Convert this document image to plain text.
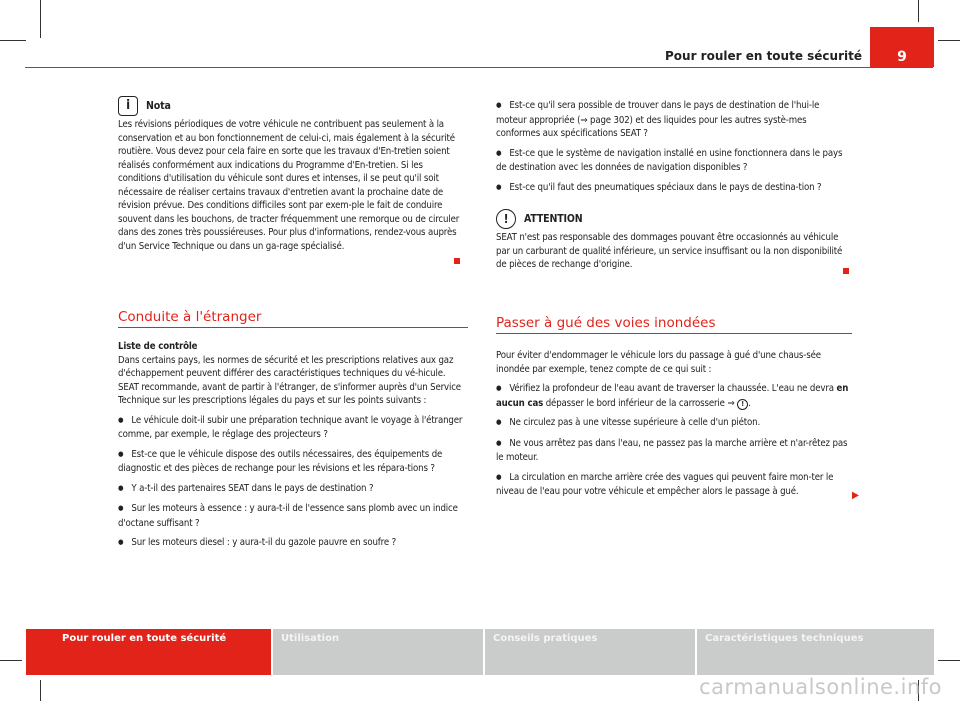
Pour rouler en toute sécurité	9
i Nota

Les révisions périodiques de votre véhicule ne contribuent pas seulement à la conservation et au bon fonctionnement de celui-ci, mais également à la sécurité routière. Vous devez pour cela faire en sorte que les travaux d'En-tretien soient réalisés conformément aux indications du Programme d'En-tretien. Si les conditions d'utilisation du véhicule sont dures et intenses, il se peut qu'il soit nécessaire de réaliser certains travaux d'entretien avant la prochaine date de révision prévue. Des conditions difficiles sont par exem-ple le fait de conduire souvent dans les bouchons, de tracter fréquemment une remorque ou de circuler dans des zones très poussiéreuses. Pour plus d'informations, rendez-vous auprès d'un Service Technique ou dans un ga-rage spécialisé.

Conduite à l'étranger

Liste de contrôle

Dans certains pays, les normes de sécurité et les prescriptions relatives aux gaz d'échappement peuvent différer des caractéristiques techniques du vé-hicule. SEAT recommande, avant de partir à l'étranger, de s'informer auprès d'un Service Technique sur les prescriptions légales du pays et sur les points suivants :

● Le véhicule doit-il subir une préparation technique avant le voyage à l'étranger comme, par exemple, le réglage des projecteurs ?

● Est-ce que le véhicule dispose des outils nécessaires, des équipements de diagnostic et des pièces de rechange pour les révisions et les répara-tions ?

● Y a-t-il des partenaires SEAT dans le pays de destination ?

● Sur les moteurs à essence : y aura-t-il de l'essence sans plomb avec un indice d'octane suffisant ?

● Sur les moteurs diesel : y aura-t-il du gazole pauvre en soufre ?

● Est-ce qu'il sera possible de trouver dans le pays de destination de l'hui-le moteur appropriée (⇒ page 302) et des liquides pour les autres systè-mes conformes aux spécifications SEAT ?

● Est-ce que le système de navigation installé en usine fonctionnera dans le pays de destination avec les données de navigation disponibles ?

● Est-ce qu'il faut des pneumatiques spéciaux dans le pays de destina-tion ?

! ATTENTION

SEAT n'est pas responsable des dommages pouvant être occasionnés au véhicule par un carburant de qualité inférieure, un service insuffisant ou la non disponibilité de pièces de rechange d'origine.

Passer à gué des voies inondées

Pour éviter d'endommager le véhicule lors du passage à gué d'une chaus-sée inondée par exemple, tenez compte de ce qui suit :

● Vérifiez la profondeur de l'eau avant de traverser la chaussée. L'eau ne devra en aucun cas dépasser le bord inférieur de la carrosserie ⇒ ! .

● Ne circulez pas à une vitesse supérieure à celle d'un piéton.

● Ne vous arrêtez pas dans l'eau, ne passez pas la marche arrière et n'ar-rêtez pas le moteur.

● La circulation en marche arrière crée des vagues qui peuvent faire mon-ter le niveau de l'eau pour votre véhicule et empêcher alors le passage à gué.	▶
Pour rouler en toute sécurité	Utilisation	Conseils pratiques	Caractéristiques techniques
carmanualsonline.info
